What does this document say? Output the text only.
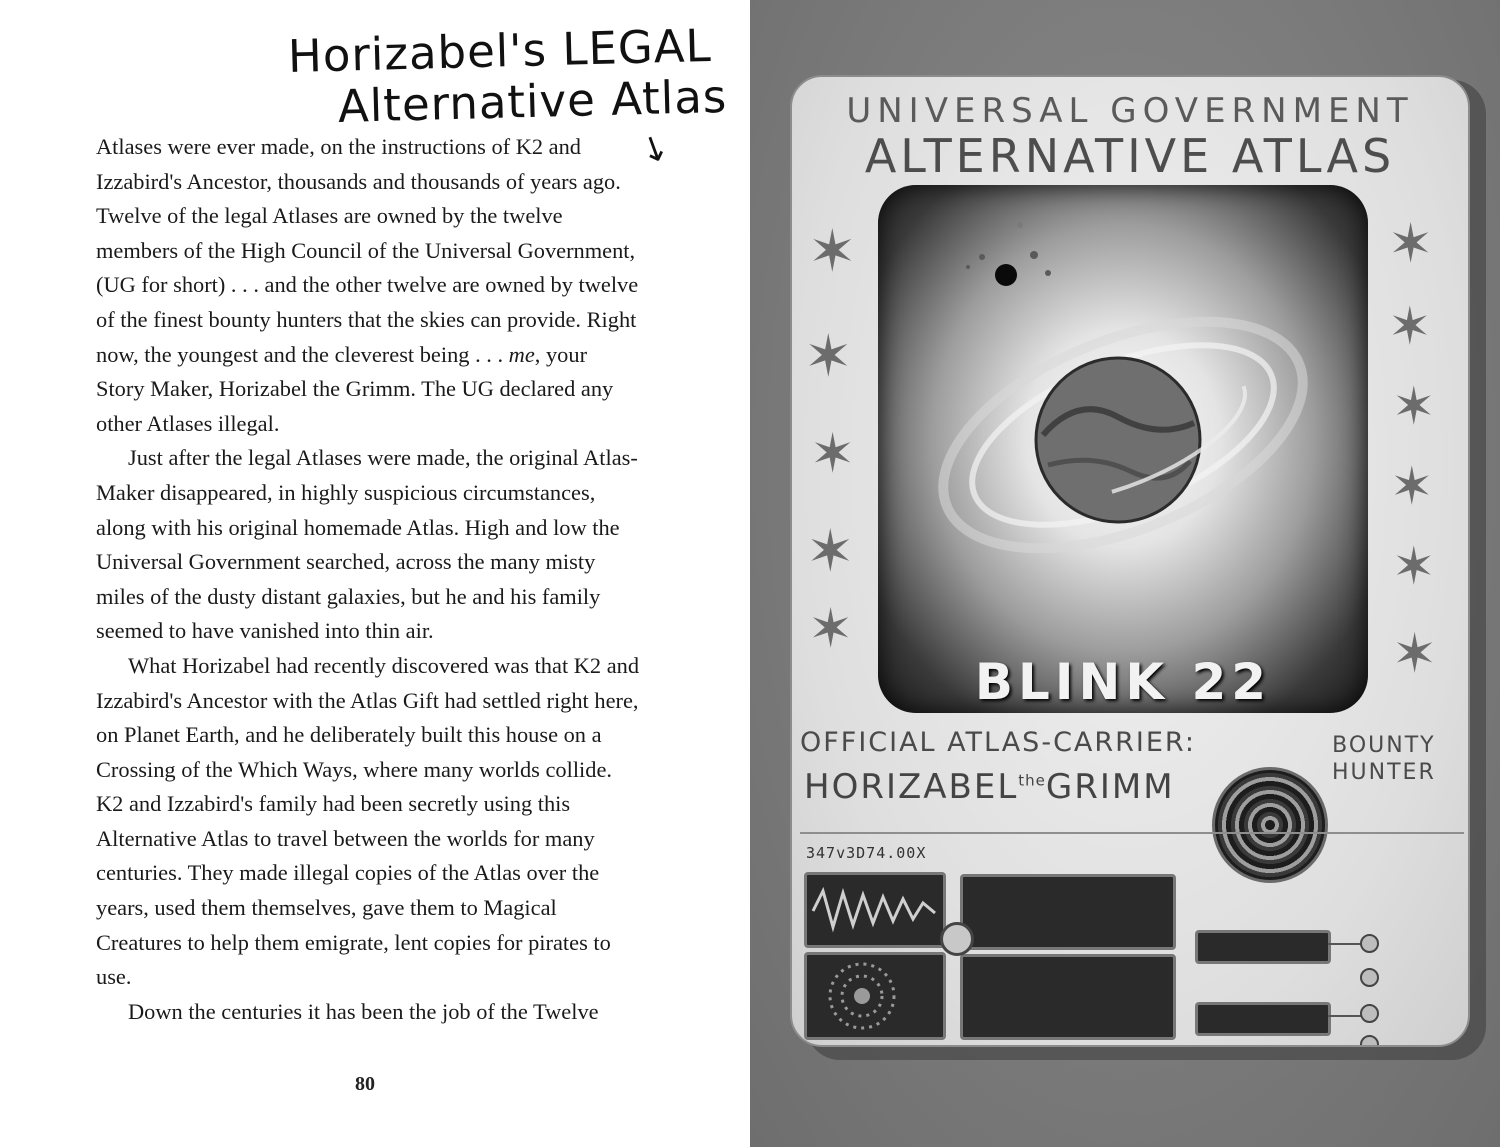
Horizabel's LEGAL
Alternative Atlas
↘

Atlases were ever made, on the instructions of K2 and Izzabird's Ancestor, thousands and thousands of years ago. Twelve of the legal Atlases are owned by the twelve members of the High Council of the Universal Government, (UG for short) . . . and the other twelve are owned by twelve of the finest bounty hunters that the skies can provide. Right now, the youngest and the cleverest being . . . me, your Story Maker, Horizabel the Grimm. The UG declared any other Atlases illegal.

Just after the legal Atlases were made, the original Atlas-Maker disappeared, in highly suspicious circumstances, along with his original homemade Atlas. High and low the Universal Government searched, across the many misty miles of the dusty distant galaxies, but he and his family seemed to have vanished into thin air.

What Horizabel had recently discovered was that K2 and Izzabird's Ancestor with the Atlas Gift had settled right here, on Planet Earth, and he deliberately built this house on a Crossing of the Which Ways, where many worlds collide. K2 and Izzabird's family had been secretly using this Alternative Atlas to travel between the worlds for many centuries. They made illegal copies of the Atlas over the years, used them themselves, gave them to Magical Creatures to help them emigrate, lent copies for pirates to use.

Down the centuries it has been the job of the Twelve

80
UNIVERSAL GOVERNMENT
ALTERNATIVE ATLAS
✶
✶
✶
✶
✶
✶
✶
✶
✶
✶
✶
BLINK 22
OFFICIAL ATLAS-CARRIER:
$HORIZABEL^{the}GRIMM$
BOUNTY
HUNTER
347v3D74.00X
